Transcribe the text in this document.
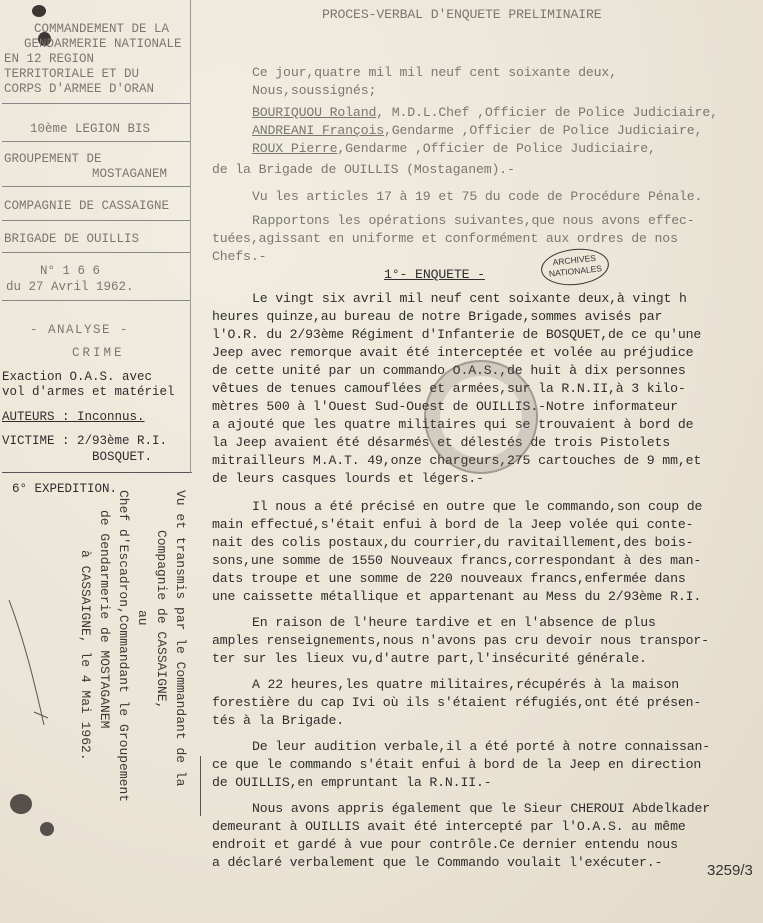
PROCES-VERBAL D'ENQUETE PRELIMINAIRE
COMMANDEMENT DE LA
GENDARMERIE NATIONALE
EN 12 REGION
TERRITORIALE ET DU
CORPS D'ARMEE D'ORAN
10ème LEGION BIS
GROUPEMENT DE
MOSTAGANEM
COMPAGNIE DE CASSAIGNE
BRIGADE DE OUILLIS
N° 1 6 6
du 27 Avril 1962.
- ANALYSE -
CRIME
Exaction O.A.S. avec
vol d'armes et matériel
AUTEURS : Inconnus.
VICTIME : 2/93ème R.I.
BOSQUET.
6° EXPEDITION.
Vu et transmis par le Commandant de la
Compagnie de CASSAIGNE,
au
Chef d'Escadron,Commandant le Groupement
de Gendarmerie de MOSTAGANEM
à CASSAIGNE, le 4 Mai 1962.
Ce jour,quatre mil mil neuf cent soixante deux,
Nous,soussignés;
BOURIQUOU Roland, M.D.L.Chef ,Officier de Police Judiciaire,
ANDREANI François,Gendarme ,Officier de Police Judiciaire,
ROUX Pierre,Gendarme ,Officier de Police Judiciaire,
de la Brigade de OUILLIS (Mostaganem).-
Vu les articles 17 à 19 et 75 du code de Procédure Pénale.
Rapportons les opérations suivantes,que nous avons effec-
tuées,agissant en uniforme et conformément aux ordres de nos
Chefs.-	ARCHIVES
NATIONALES
1°- ENQUETE -
Le vingt six avril mil neuf cent soixante deux,à vingt h
heures quinze,au bureau de notre Brigade,sommes avisés par
l'O.R. du 2/93ème Régiment d'Infanterie de BOSQUET,de ce qu'une
Jeep avec remorque avait été interceptée et volée au préjudice
de cette unité par un commando O.A.S.,de huit à dix personnes
vêtues de tenues camouflées et armées,sur la R.N.II,à 3 kilo-
mètres 500 à l'Ouest Sud-Ouest de OUILLIS.-Notre informateur
a ajouté que les quatre militaires qui se trouvaient à bord de
la Jeep avaient été désarmés et délestés de trois Pistolets
mitrailleurs M.A.T. 49,onze chargeurs,275 cartouches de 9 mm,et
de leurs casques lourds et légers.-
Il nous a été précisé en outre que le commando,son coup de
main effectué,s'était enfui à bord de la Jeep volée qui conte-
nait des colis postaux,du courrier,du ravitaillement,des bois-
sons,une somme de 1550 Nouveaux francs,correspondant à des man-
dats troupe et une somme de 220 nouveaux francs,enfermée dans
une caissette métallique et appartenant au Mess du 2/93ème R.I.
En raison de l'heure tardive et en l'absence de plus
amples renseignements,nous n'avons pas cru devoir nous transpor-
ter sur les lieux vu,d'autre part,l'insécurité générale.
A 22 heures,les quatre militaires,récupérés à la maison
forestière du cap Ivi où ils s'étaient réfugiés,ont été présen-
tés à la Brigade.
De leur audition verbale,il a été porté à notre connaissan-
ce que le commando s'était enfui à bord de la Jeep en direction
de OUILLIS,en empruntant la R.N.II.-
Nous avons appris également que le Sieur CHEROUI Abdelkader
demeurant à OUILLIS avait été intercepté par l'O.A.S. au même
endroit et gardé à vue pour contrôle.Ce dernier entendu nous
a déclaré verbalement que le Commando voulait l'exécuter.-	3259/3
